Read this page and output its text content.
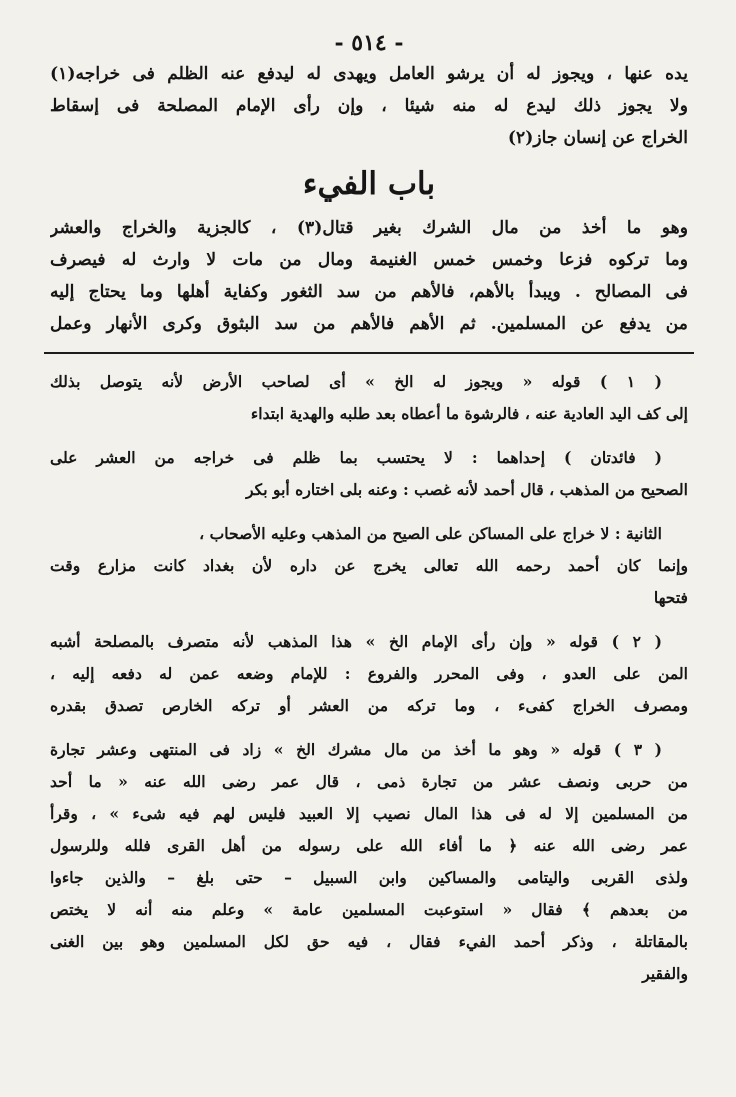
- ٥١٤ -
يده عنها ، ويجوز له أن يرشو العامل ويهدى له ليدفع عنه الظلم فى خراجه(١)
ولا يجوز ذلك ليدع له منه شيئا ، وإن رأى الإمام المصلحة فى إسقاط
الخراج عن إنسان جاز(٢)
باب الفيء
وهو ما أخذ من مال الشرك بغير قتال(٣) ، كالجزية والخراج والعشر
وما تركوه فزعا وخمس خمس الغنيمة ومال من مات لا وارث له فيصرف
فى المصالح . ويبدأ بالأهم، فالأهم من سد الثغور وكفاية أهلها وما يحتاج إليه
من يدفع عن المسلمين. ثم الأهم فالأهم من سد البثوق وكرى الأنهار وعمل
( ١ ) قوله « ويجوز له الخ » أى لصاحب الأرض لأنه يتوصل بذلك
إلى كف اليد العادية عنه ، فالرشوة ما أعطاه بعد طلبه والهدية ابتداء
( فائدتان ) إحداهما : لا يحتسب بما ظلم فى خراجه من العشر على
الصحيح من المذهب ، قال أحمد لأنه غصب : وعنه بلى اختاره أبو بكر
الثانية : لا خراج على المساكن على الصيح من المذهب وعليه الأصحاب ،
وإنما كان أحمد رحمه الله تعالى يخرج عن داره لأن بغداد كانت مزارع وقت
فتحها
( ٢ ) قوله « وإن رأى الإمام الخ » هذا المذهب لأنه متصرف بالمصلحة أشبه
المن على العدو ، وفى المحرر والفروع : للإمام وضعه عمن له دفعه إليه ،
ومصرف الخراج كفىء ، وما تركه من العشر أو تركه الخارص تصدق بقدره
( ٣ ) قوله « وهو ما أخذ من مال مشرك الخ » زاد فى المنتهى وعشر تجارة
من حربى ونصف عشر من تجارة ذمى ، قال عمر رضى الله عنه « ما أحد
من المسلمين إلا له فى هذا المال نصيب إلا العبيد فليس لهم فيه شىء » ، وقرأ
عمر رضى الله عنه ﴿ ما أفاء الله على رسوله من أهل القرى فلله وللرسول
ولذى القربى واليتامى والمساكين وابن السبيل – حتى بلغ – والذين جاءوا
من بعدهم ﴾ فقال « استوعبت المسلمين عامة » وعلم منه أنه لا يختص
بالمقاتلة ، وذكر أحمد الفيء فقال ، فيه حق لكل المسلمين وهو بين الغنى
والفقير
